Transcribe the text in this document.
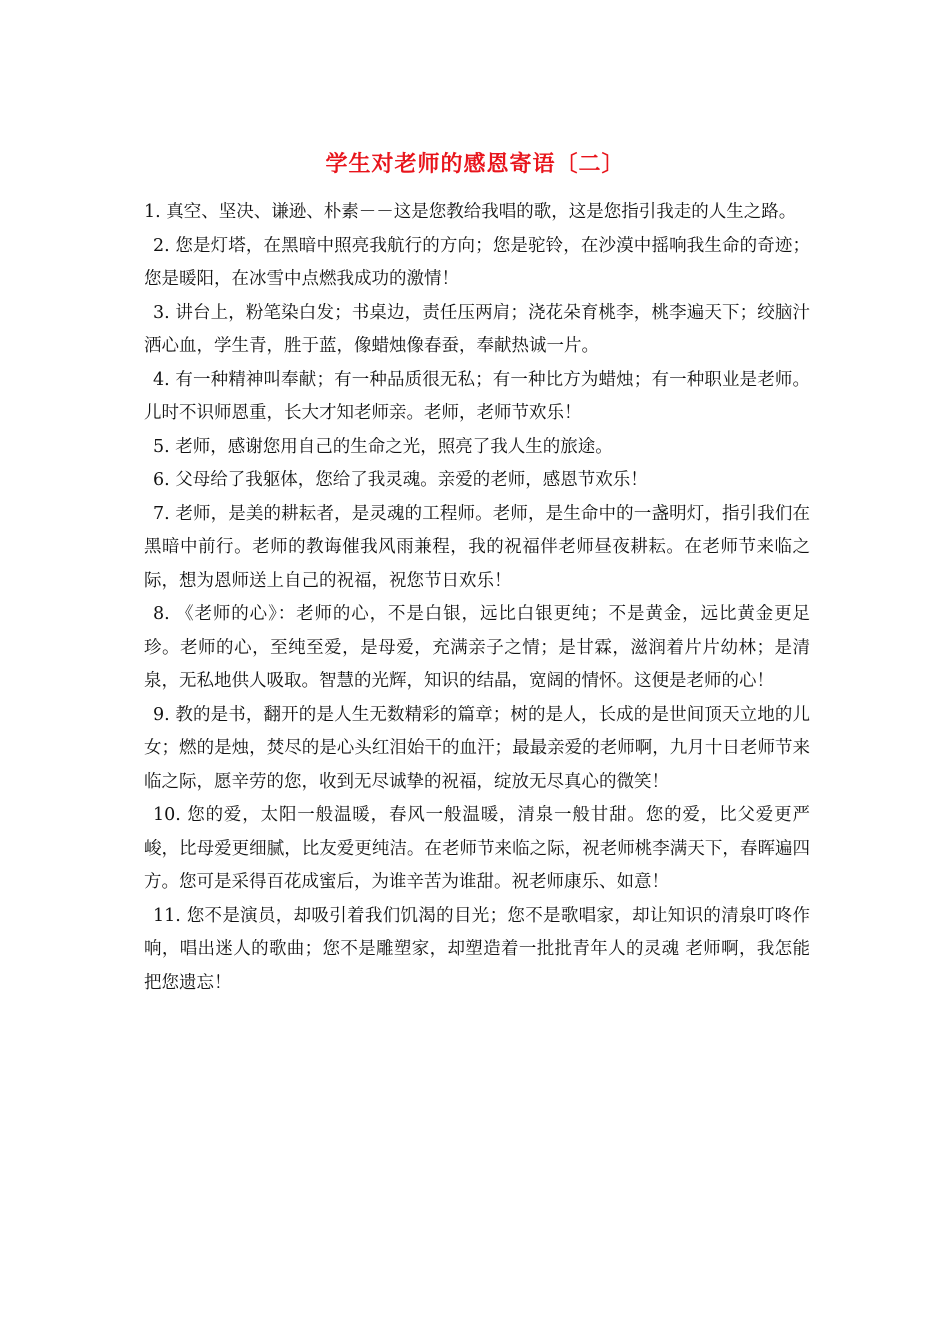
学生对老师的感恩寄语〔二〕

1. 真空、坚决、谦逊、朴素－－这是您教给我唱的歌，这是您指引我走的人生之路。

2. 您是灯塔，在黑暗中照亮我航行的方向；您是驼铃，在沙漠中摇响我生命的奇迹；您是暖阳，在冰雪中点燃我成功的激情！

3. 讲台上，粉笔染白发；书桌边，责任压两肩；浇花朵育桃李，桃李遍天下；绞脑汁洒心血，学生青，胜于蓝，像蜡烛像春蚕，奉献热诚一片。

4. 有一种精神叫奉献；有一种品质很无私；有一种比方为蜡烛；有一种职业是老师。儿时不识师恩重，长大才知老师亲。老师，老师节欢乐！

5. 老师，感谢您用自己的生命之光，照亮了我人生的旅途。

6. 父母给了我躯体，您给了我灵魂。亲爱的老师，感恩节欢乐！

7. 老师，是美的耕耘者，是灵魂的工程师。老师，是生命中的一盏明灯，指引我们在黑暗中前行。老师的教诲催我风雨兼程，我的祝福伴老师昼夜耕耘。在老师节来临之际，想为恩师送上自己的祝福，祝您节日欢乐！

8. 《老师的心》：老师的心，不是白银，远比白银更纯；不是黄金，远比黄金更足珍。老师的心，至纯至爱，是母爱，充满亲子之情；是甘霖，滋润着片片幼林；是清泉，无私地供人吸取。智慧的光辉，知识的结晶，宽阔的情怀。这便是老师的心！

9. 教的是书，翻开的是人生无数精彩的篇章；树的是人，长成的是世间顶天立地的儿女；燃的是烛，焚尽的是心头红泪始干的血汗；最最亲爱的老师啊，九月十日老师节来临之际，愿辛劳的您，收到无尽诚挚的祝福，绽放无尽真心的微笑！

10. 您的爱，太阳一般温暖，春风一般温暖，清泉一般甘甜。您的爱，比父爱更严峻，比母爱更细腻，比友爱更纯洁。在老师节来临之际，祝老师桃李满天下，春晖遍四方。您可是采得百花成蜜后，为谁辛苦为谁甜。祝老师康乐、如意！

11. 您不是演员，却吸引着我们饥渴的目光；您不是歌唱家，却让知识的清泉叮咚作响，唱出迷人的歌曲；您不是雕塑家，却塑造着一批批青年人的灵魂 老师啊，我怎能把您遗忘！
